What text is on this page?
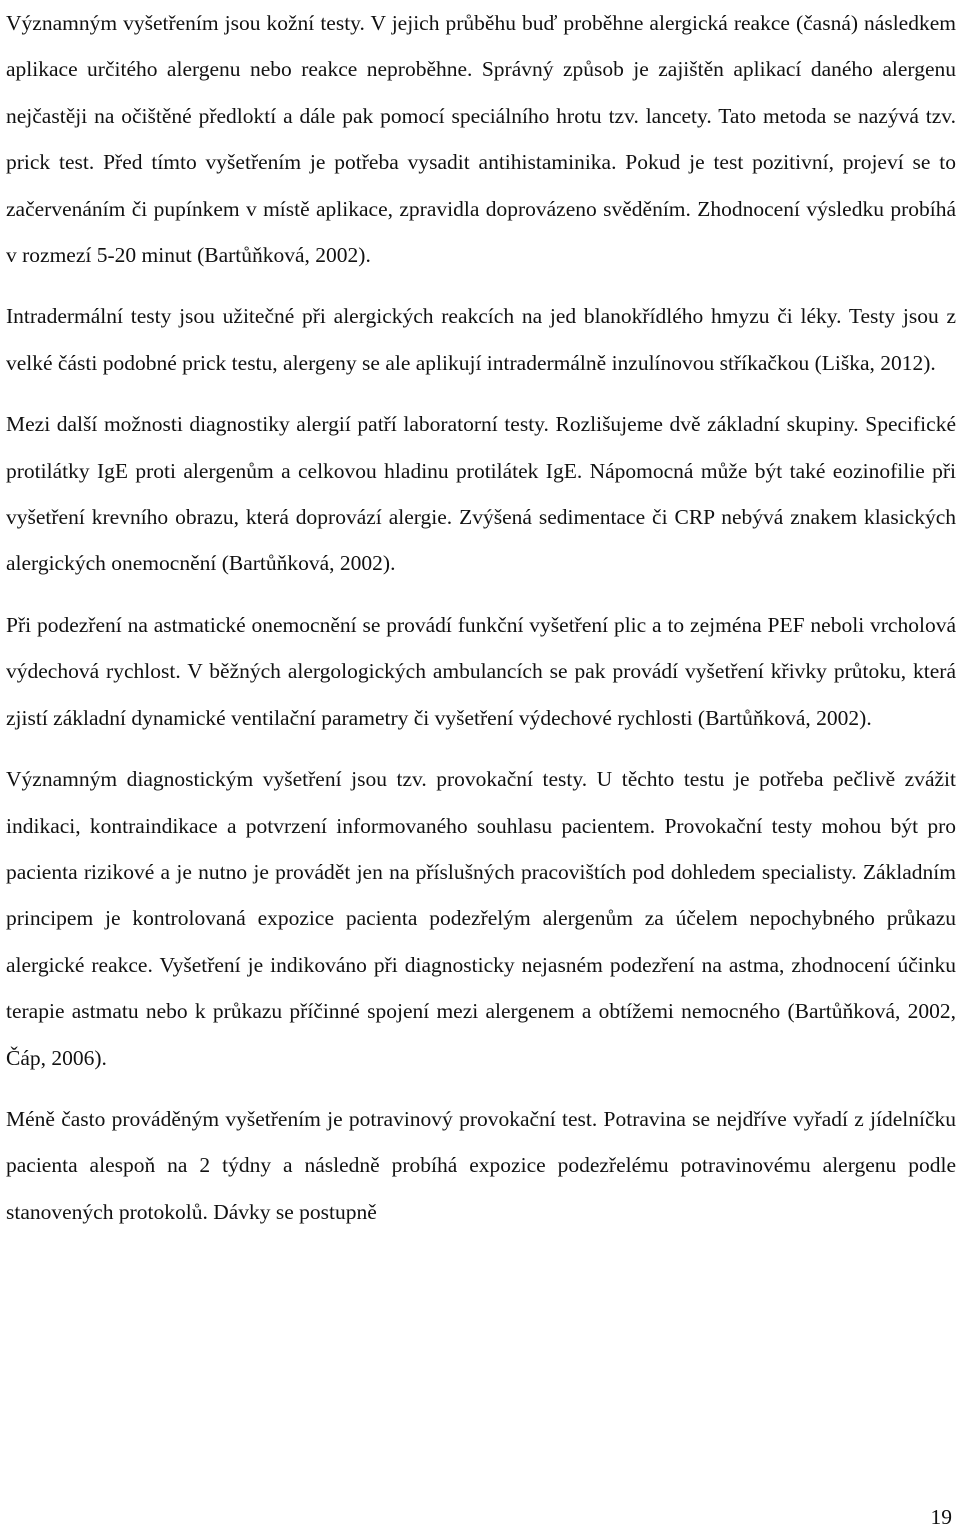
Významným vyšetřením jsou kožní testy. V jejich průběhu buď proběhne alergická reakce (časná) následkem aplikace určitého alergenu nebo reakce neproběhne. Správný způsob je zajištěn aplikací daného alergenu nejčastěji na očištěné předloktí a dále pak pomocí speciálního hrotu tzv. lancety. Tato metoda se nazývá tzv. prick test. Před tímto vyšetřením je potřeba vysadit antihistaminika. Pokud je test pozitivní, projeví se to začervenáním či pupínkem v místě aplikace, zpravidla doprovázeno svěděním. Zhodnocení výsledku probíhá v rozmezí 5-20 minut (Bartůňková, 2002).

Intradermální testy jsou užitečné při alergických reakcích na jed blanokřídlého hmyzu či léky. Testy jsou z velké části podobné prick testu, alergeny se ale aplikují intradermálně inzulínovou stříkačkou (Liška, 2012).

Mezi další možnosti diagnostiky alergií patří laboratorní testy. Rozlišujeme dvě základní skupiny. Specifické protilátky IgE proti alergenům a celkovou hladinu protilátek IgE. Nápomocná může být také eozinofilie při vyšetření krevního obrazu, která doprovází alergie. Zvýšená sedimentace či CRP nebývá znakem klasických alergických onemocnění (Bartůňková, 2002).

Při podezření na astmatické onemocnění se provádí funkční vyšetření plic a to zejména PEF neboli vrcholová výdechová rychlost. V běžných alergologických ambulancích se pak provádí vyšetření křivky průtoku, která zjistí základní dynamické ventilační parametry či vyšetření výdechové rychlosti (Bartůňková, 2002).

Významným diagnostickým vyšetření jsou tzv. provokační testy. U těchto testu je potřeba pečlivě zvážit indikaci, kontraindikace a potvrzení informovaného souhlasu pacientem. Provokační testy mohou být pro pacienta rizikové a je nutno je provádět jen na příslušných pracovištích pod dohledem specialisty. Základním principem je kontrolovaná expozice pacienta podezřelým alergenům za účelem nepochybného průkazu alergické reakce. Vyšetření je indikováno při diagnosticky nejasném podezření na astma, zhodnocení účinku terapie astmatu nebo k průkazu příčinné spojení mezi alergenem a obtížemi nemocného (Bartůňková, 2002, Čáp, 2006).

Méně často prováděným vyšetřením je potravinový provokační test. Potravina se nejdříve vyřadí z jídelníčku pacienta alespoň na 2 týdny a následně probíhá expozice podezřelému potravinovému alergenu podle stanovených protokolů. Dávky se postupně

19
